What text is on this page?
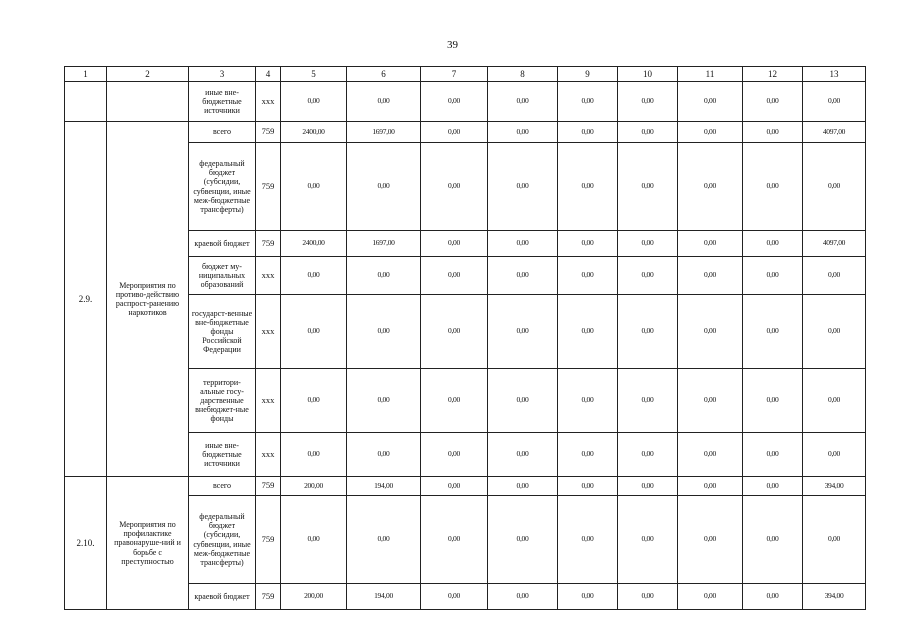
39
1	2	3	4	5	6	7	8	9	10	11	12	13
		иные вне-бюджетные источники	ххх	0,00	0,00	0,00	0,00	0,00	0,00	0,00	0,00	0,00
2.9.	Мероприятия по противо-действию распрост-ранению наркотиков	всего	759	2400,00	1697,00	0,00	0,00	0,00	0,00	0,00	0,00	4097,00
		федеральный бюджет (субсидии, субвенции, иные меж-бюджетные трансферты)	759	0,00	0,00	0,00	0,00	0,00	0,00	0,00	0,00	0,00
		краевой бюджет	759	2400,00	1697,00	0,00	0,00	0,00	0,00	0,00	0,00	4097,00
		бюджет му-ниципальных образований	ххх	0,00	0,00	0,00	0,00	0,00	0,00	0,00	0,00	0,00
		государст-венные вне-бюджетные фонды Российской Федерации	ххх	0,00	0,00	0,00	0,00	0,00	0,00	0,00	0,00	0,00
		территори-альные госу-дарственные внебюджет-ные фонды	ххх	0,00	0,00	0,00	0,00	0,00	0,00	0,00	0,00	0,00
		иные вне-бюджетные источники	ххх	0,00	0,00	0,00	0,00	0,00	0,00	0,00	0,00	0,00
2.10.	Мероприятия по профилактике правонаруше-ний и борьбе с преступностью	всего	759	200,00	194,00	0,00	0,00	0,00	0,00	0,00	0,00	394,00
		федеральный бюджет (субсидии, субвенции, иные меж-бюджетные трансферты)	759	0,00	0,00	0,00	0,00	0,00	0,00	0,00	0,00	0,00
		краевой бюджет	759	200,00	194,00	0,00	0,00	0,00	0,00	0,00	0,00	394,00
